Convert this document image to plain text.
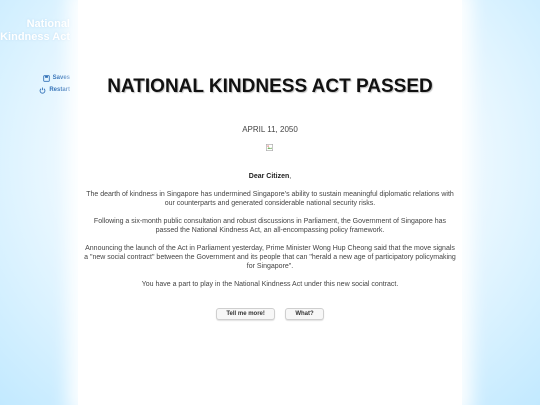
National Kindness Act
Saves
Restart	NATIONAL KINDNESS ACT PASSED
APRIL 11, 2050

Dear Citizen,

The dearth of kindness in Singapore has undermined Singapore’s ability to sustain meaningful diplomatic relations with our counterparts and generated considerable national security risks.

Following a six-month public consultation and robust discussions in Parliament, the Government of Singapore has passed the National Kindness Act, an all-encompassing policy framework.

Announcing the launch of the Act in Parliament yesterday, Prime Minister Wong Hup Cheong said that the move signals a "new social contract" between the Government and its people that can "herald a new age of participatory policymaking for Singapore".

You have a part to play in the National Kindness Act under this new social contract.

Tell me more!	What?
